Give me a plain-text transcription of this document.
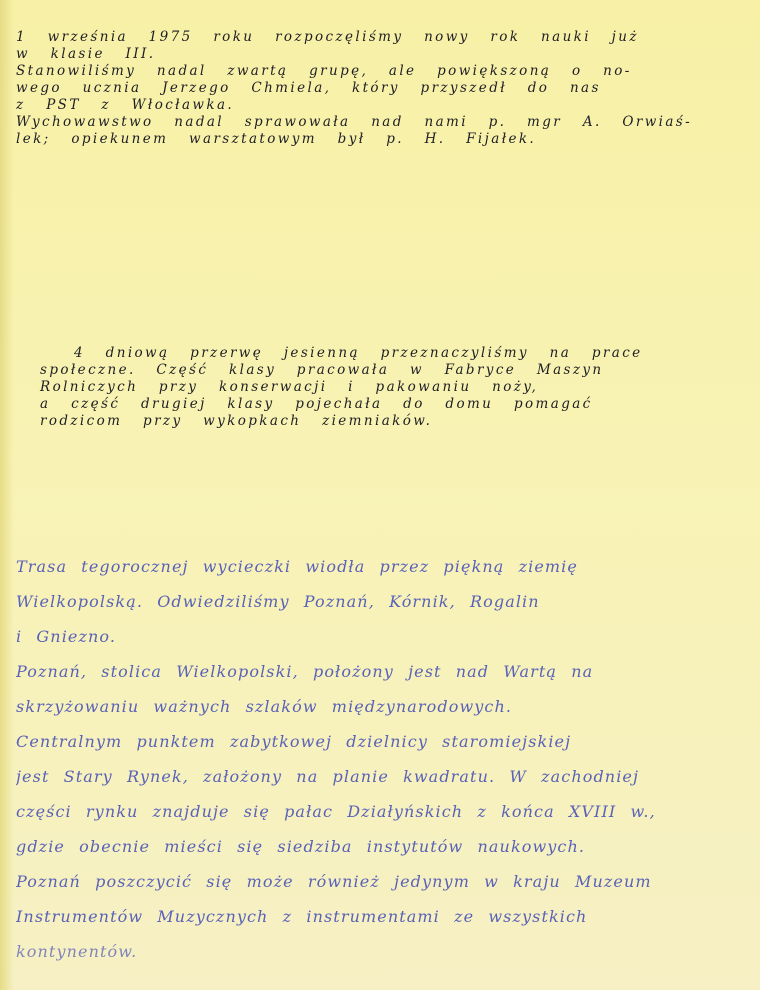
1 września 1975 roku rozpoczęliśmy nowy rok nauki już
w klasie III.
Stanowiliśmy nadal zwartą grupę, ale powiększoną o no-
wego ucznia Jerzego Chmiela, który przyszedł do nas
z PST z Włocławka.
Wychowawstwo nadal sprawowała nad nami p. mgr A. Orwiaś-
lek; opiekunem warsztatowym był p. H. Fijałek.
4 dniową przerwę jesienną przeznaczyliśmy na prace
społeczne. Część klasy pracowała w Fabryce Maszyn
Rolniczych przy konserwacji i pakowaniu noży,
a część drugiej klasy pojechała do domu pomagać
rodzicom przy wykopkach ziemniaków.
Trasa tegorocznej wycieczki wiodła przez piękną ziemię
Wielkopolską. Odwiedziliśmy Poznań, Kórnik, Rogalin
i Gniezno.
Poznań, stolica Wielkopolski, położony jest nad Wartą na
skrzyżowaniu ważnych szlaków międzynarodowych.
Centralnym punktem zabytkowej dzielnicy staromiejskiej
jest Stary Rynek, założony na planie kwadratu. W zachodniej
części rynku znajduje się pałac Działyńskich z końca XVIII w.,
gdzie obecnie mieści się siedziba instytutów naukowych.
Poznań poszczycić się może również jedynym w kraju Muzeum
Instrumentów Muzycznych z instrumentami ze wszystkich
kontynentów.
